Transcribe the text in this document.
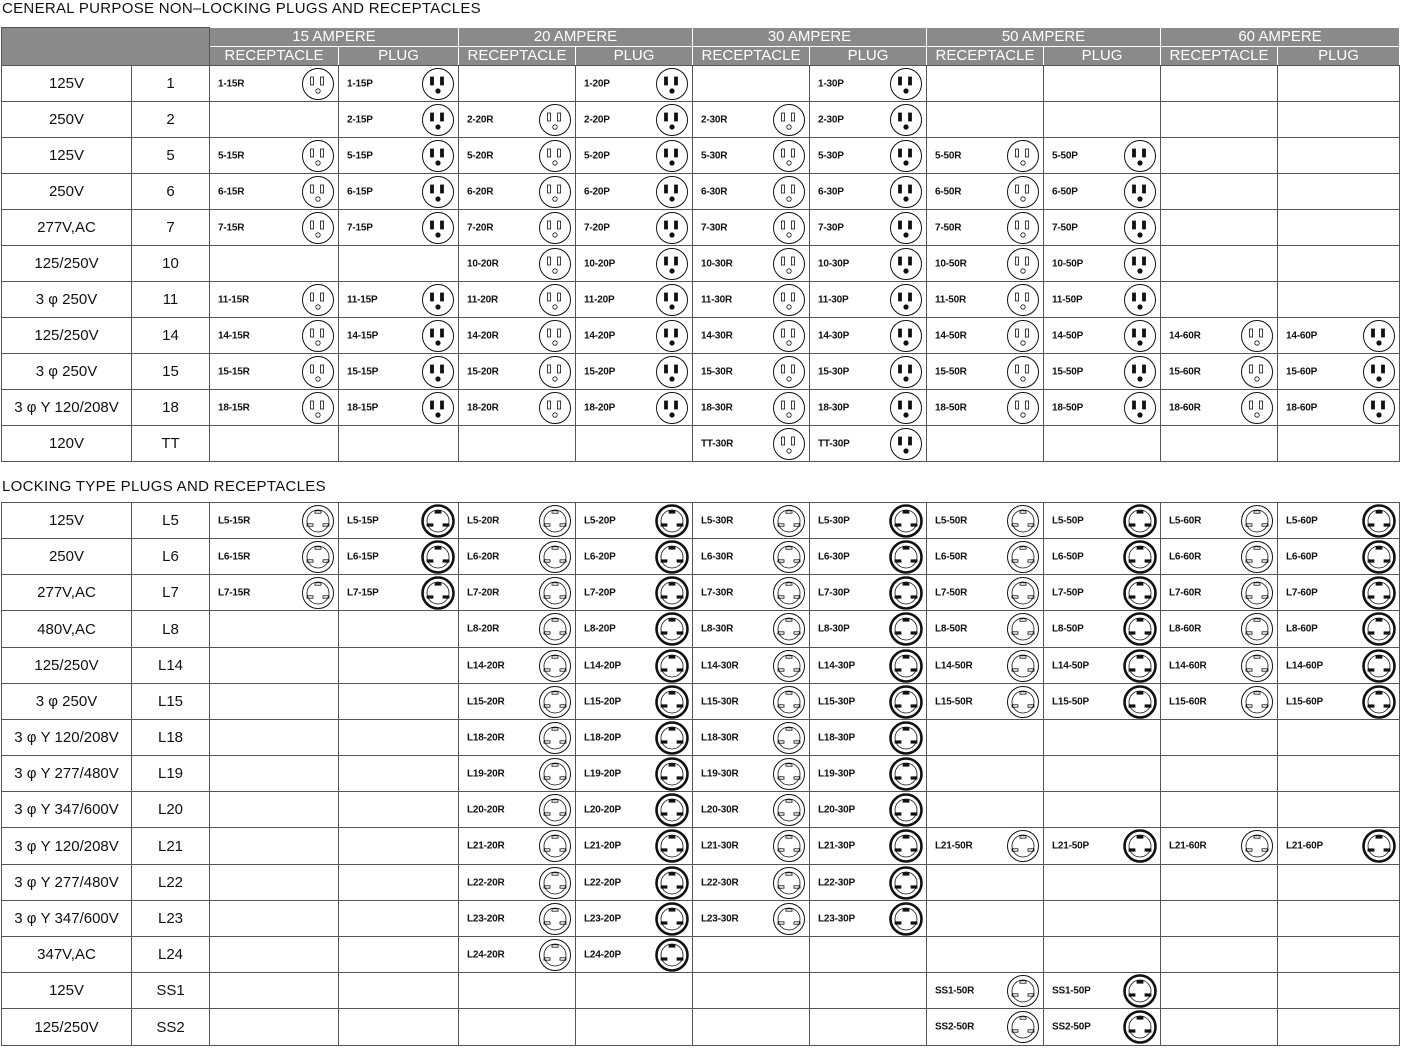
CENERAL PURPOSE NON–LOCKING PLUGS AND RECEPTACLES
		15 AMPERE		20 AMPERE		30 AMPERE		50 AMPERE		60 AMPERE	
		RECEPTACLE	PLUG	RECEPTACLE	PLUG	RECEPTACLE	PLUG	RECEPTACLE	PLUG	RECEPTACLE	PLUG
125V	1	1-15R	1-15P		1-20P		1-30P				

250V	2		2-15P	2-20R	2-20P	2-30R	2-30P				

125V	5	5-15R	5-15P	5-20R	5-20P	5-30R	5-30P	5-50R	5-50P		

250V	6	6-15R	6-15P	6-20R	6-20P	6-30R	6-30P	6-50R	6-50P		

277V,AC	7	7-15R	7-15P	7-20R	7-20P	7-30R	7-30P	7-50R	7-50P		

125/250V	10			10-20R	10-20P	10-30R	10-30P	10-50R	10-50P		

3 φ 250V	11	11-15R	11-15P	11-20R	11-20P	11-30R	11-30P	11-50R	11-50P		

125/250V	14	14-15R	14-15P	14-20R	14-20P	14-30R	14-30P	14-50R	14-50P	14-60R	14-60P

3 φ 250V	15	15-15R	15-15P	15-20R	15-20P	15-30R	15-30P	15-50R	15-50P	15-60R	15-60P

3 φ Y 120/208V	18	18-15R	18-15P	18-20R	18-20P	18-30R	18-30P	18-50R	18-50P	18-60R	18-60P

120V	TT					TT-30R	TT-30P				

LOCKING TYPE PLUGS AND RECEPTACLES
125V	L5	L5-15R	L5-15P	L5-20R	L5-20P	L5-30R	L5-30P	L5-50R	L5-50P	L5-60R	L5-60P

250V	L6	L6-15R	L6-15P	L6-20R	L6-20P	L6-30R	L6-30P	L6-50R	L6-50P	L6-60R	L6-60P

277V,AC	L7	L7-15R	L7-15P	L7-20R	L7-20P	L7-30R	L7-30P	L7-50R	L7-50P	L7-60R	L7-60P

480V,AC	L8			L8-20R	L8-20P	L8-30R	L8-30P	L8-50R	L8-50P	L8-60R	L8-60P

125/250V	L14			L14-20R	L14-20P	L14-30R	L14-30P	L14-50R	L14-50P	L14-60R	L14-60P

3 φ 250V	L15			L15-20R	L15-20P	L15-30R	L15-30P	L15-50R	L15-50P	L15-60R	L15-60P

3 φ Y 120/208V	L18			L18-20R	L18-20P	L18-30R	L18-30P				

3 φ Y 277/480V	L19			L19-20R	L19-20P	L19-30R	L19-30P				

3 φ Y 347/600V	L20			L20-20R	L20-20P	L20-30R	L20-30P				

3 φ Y 120/208V	L21			L21-20R	L21-20P	L21-30R	L21-30P	L21-50R	L21-50P	L21-60R	L21-60P

3 φ Y 277/480V	L22			L22-20R	L22-20P	L22-30R	L22-30P				

3 φ Y 347/600V	L23			L23-20R	L23-20P	L23-30R	L23-30P				

347V,AC	L24			L24-20R	L24-20P						

125V	SS1							SS1-50R	SS1-50P		

125/250V	SS2							SS2-50R	SS2-50P		
